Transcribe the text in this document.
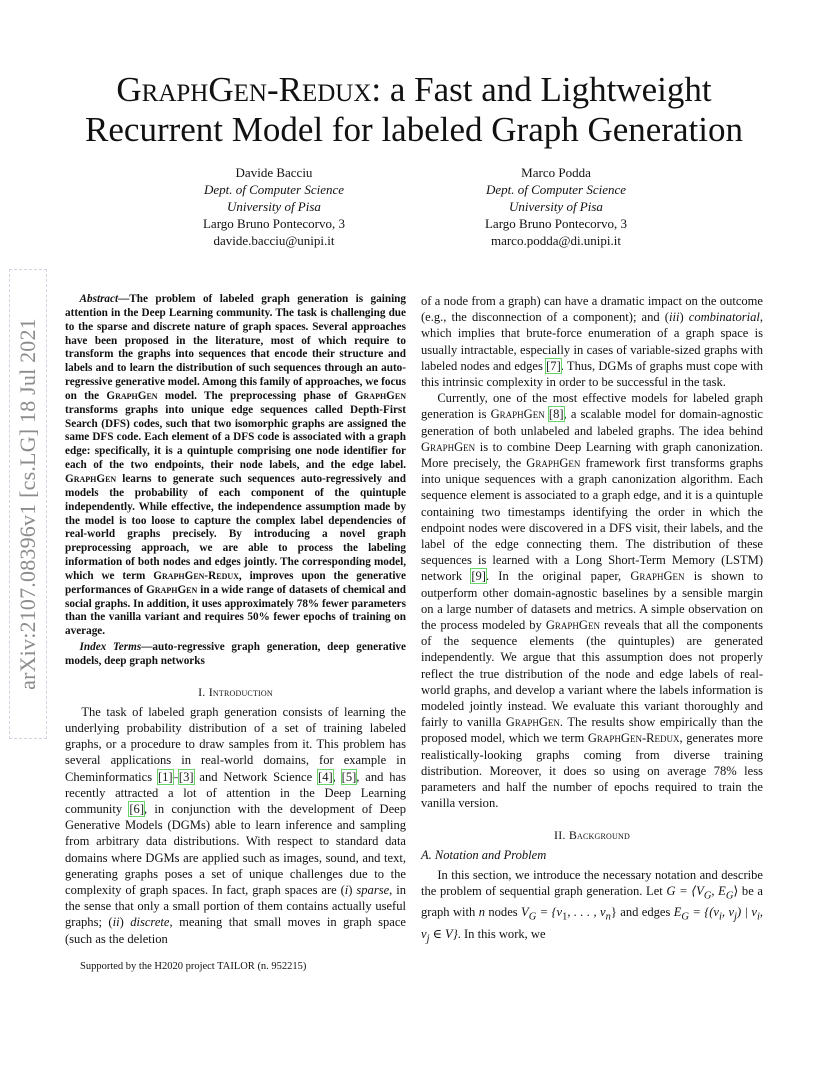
GraphGen-Redux: a Fast and Lightweight Recurrent Model for labeled Graph Generation
Davide Bacciu
Dept. of Computer Science
University of Pisa
Largo Bruno Pontecorvo, 3
davide.bacciu@unipi.it
Marco Podda
Dept. of Computer Science
University of Pisa
Largo Bruno Pontecorvo, 3
marco.podda@di.unipi.it
arXiv:2107.08396v1 [cs.LG] 18 Jul 2021

Abstract—The problem of labeled graph generation is gaining attention in the Deep Learning community. The task is challenging due to the sparse and discrete nature of graph spaces. Several approaches have been proposed in the literature, most of which require to transform the graphs into sequences that encode their structure and labels and to learn the distribution of such sequences through an auto-regressive generative model. Among this family of approaches, we focus on the GraphGen model. The preprocessing phase of GraphGen transforms graphs into unique edge sequences called Depth-First Search (DFS) codes, such that two isomorphic graphs are assigned the same DFS code. Each element of a DFS code is associated with a graph edge: specifically, it is a quintuple comprising one node identifier for each of the two endpoints, their node labels, and the edge label. GraphGen learns to generate such sequences auto-regressively and models the probability of each component of the quintuple independently. While effective, the independence assumption made by the model is too loose to capture the complex label dependencies of real-world graphs precisely. By introducing a novel graph preprocessing approach, we are able to process the labeling information of both nodes and edges jointly. The corresponding model, which we term GraphGen-Redux, improves upon the generative performances of GraphGen in a wide range of datasets of chemical and social graphs. In addition, it uses approximately 78% fewer parameters than the vanilla variant and requires 50% fewer epochs of training on average.

Index Terms—auto-regressive graph generation, deep generative models, deep graph networks

I. Introduction

The task of labeled graph generation consists of learning the underlying probability distribution of a set of training labeled graphs, or a procedure to draw samples from it. This problem has several applications in real-world domains, for example in Cheminformatics [1]–[3] and Network Science [4], [5], and has recently attracted a lot of attention in the Deep Learning community [6], in conjunction with the development of Deep Generative Models (DGMs) able to learn inference and sampling from arbitrary data distributions. With respect to standard data domains where DGMs are applied such as images, sound, and text, generating graphs poses a set of unique challenges due to the complexity of graph spaces. In fact, graph spaces are (i) sparse, in the sense that only a small portion of them contains actually useful graphs; (ii) discrete, meaning that small moves in graph space (such as the deletion

of a node from a graph) can have a dramatic impact on the outcome (e.g., the disconnection of a component); and (iii) combinatorial, which implies that brute-force enumeration of a graph space is usually intractable, especially in cases of variable-sized graphs with labeled nodes and edges [7]. Thus, DGMs of graphs must cope with this intrinsic complexity in order to be successful in the task.

Currently, one of the most effective models for labeled graph generation is GraphGen [8], a scalable model for domain-agnostic generation of both unlabeled and labeled graphs. The idea behind GraphGen is to combine Deep Learning with graph canonization. More precisely, the GraphGen framework first transforms graphs into unique sequences with a graph canonization algorithm. Each sequence element is associated to a graph edge, and it is a quintuple containing two timestamps identifying the order in which the endpoint nodes were discovered in a DFS visit, their labels, and the label of the edge connecting them. The distribution of these sequences is learned with a Long Short-Term Memory (LSTM) network [9]. In the original paper, GraphGen is shown to outperform other domain-agnostic baselines by a sensible margin on a large number of datasets and metrics. A simple observation on the process modeled by GraphGen reveals that all the components of the sequence elements (the quintuples) are generated independently. We argue that this assumption does not properly reflect the true distribution of the node and edge labels of real-world graphs, and develop a variant where the labels information is modeled jointly instead. We evaluate this variant thoroughly and fairly to vanilla GraphGen. The results show empirically than the proposed model, which we term GraphGen-Redux, generates more realistically-looking graphs coming from diverse training distribution. Moreover, it does so using on average 78% less parameters and half the number of epochs required to train the vanilla version.

II. Background
A. Notation and Problem

In this section, we introduce the necessary notation and describe the problem of sequential graph generation. Let $G = ⟨V_G$, $E_G⟩$ be a graph with n nodes $V_G = \{v_1$, . . . , $v_n$} and edges $E_G = \{(v_i$, $v_j$) | $v_i$, $v_j$ ∈ V}. In this work, we

Supported by the H2020 project TAILOR (n. 952215)
